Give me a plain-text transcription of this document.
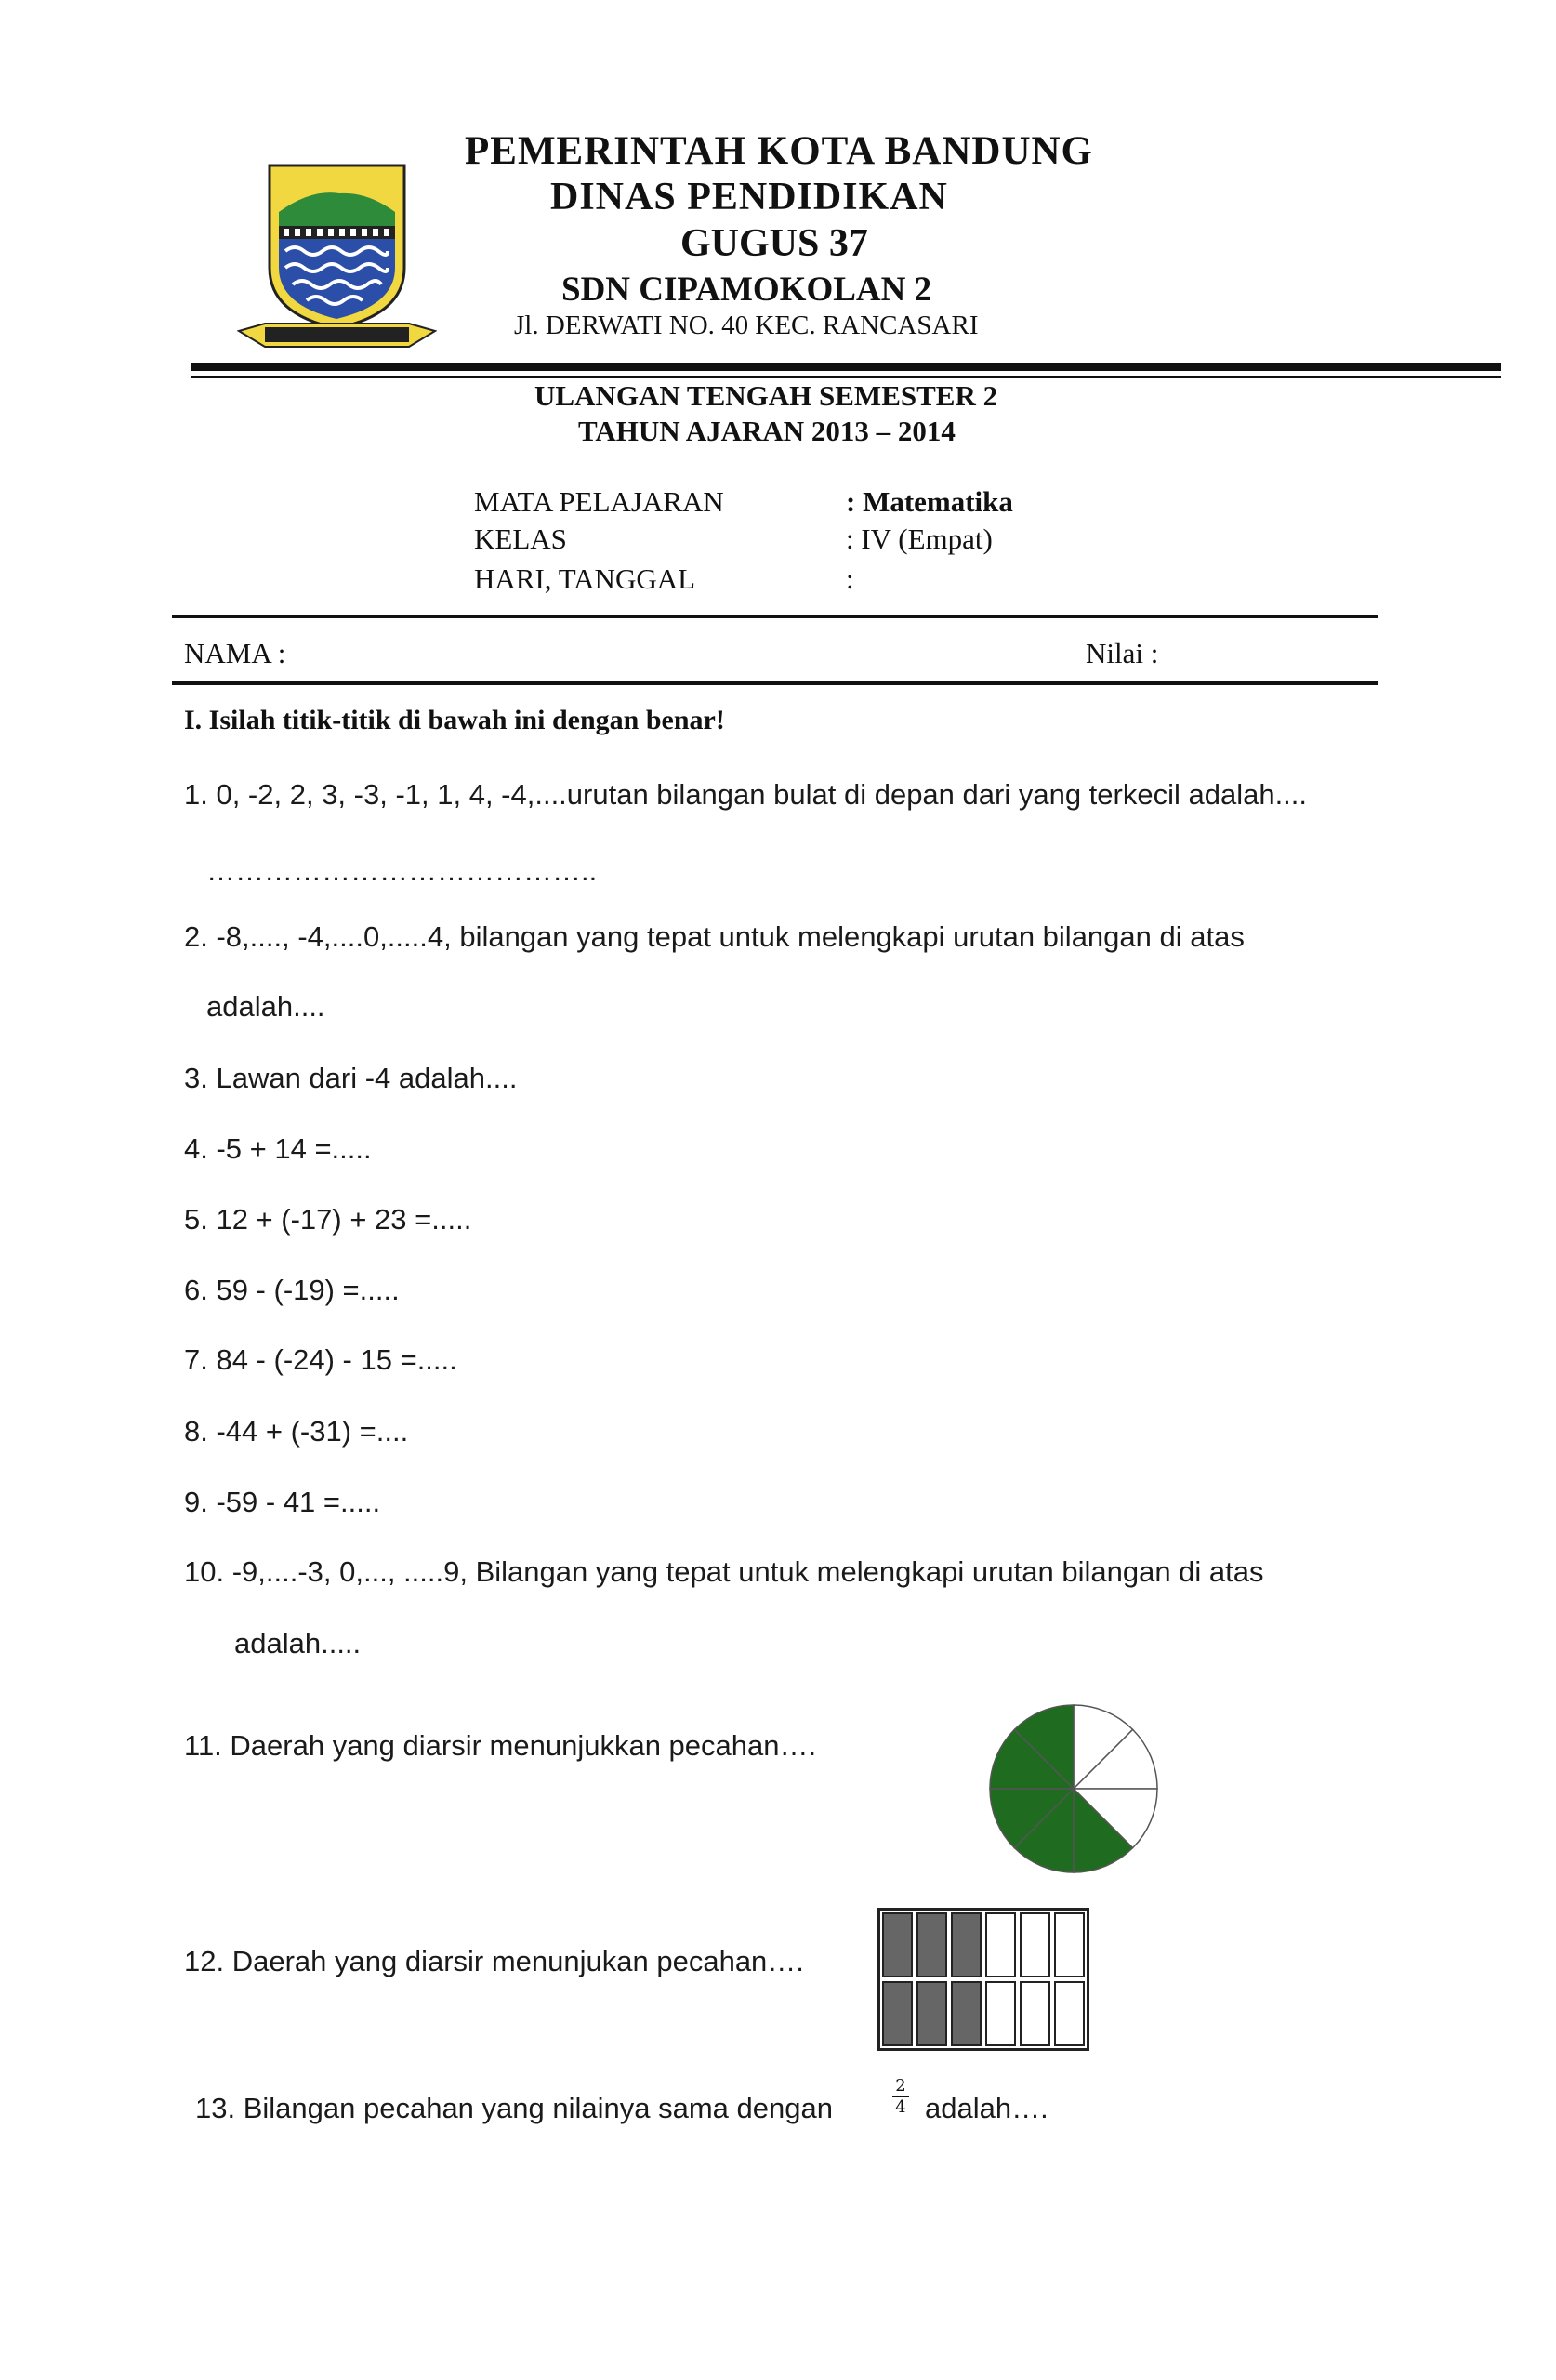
PEMERINTAH KOTA BANDUNG
DINAS PENDIDIKAN
GUGUS 37
SDN CIPAMOKOLAN 2
Jl. DERWATI NO. 40 KEC. RANCASARI
ULANGAN TENGAH SEMESTER 2
TAHUN AJARAN 2013 – 2014
MATA PELAJARAN	: Matematika
KELAS	: IV (Empat)
HARI, TANGGAL	:
NAMA :	Nilai :
I. Isilah titik-titik di bawah ini dengan benar!
1. 0, -2, 2, 3, -3, -1, 1, 4, -4,....urutan bilangan bulat di depan dari yang terkecil adalah....
…………………………………..
2. -8,...., -4,....0,.....4, bilangan yang tepat untuk melengkapi urutan bilangan di atas
adalah....
3. Lawan dari -4 adalah....
4. -5 + 14 =.....
5. 12 + (-17) + 23 =.....
6. 59 - (-19) =.....
7. 84 - (-24) - 15 =.....
8. -44 + (-31) =....
9. -59 - 41 =.....
10. -9,....-3, 0,..., .....9, Bilangan yang tepat untuk melengkapi urutan bilangan di atas
adalah.....
11. Daerah yang diarsir menunjukkan pecahan….
12. Daerah yang diarsir menunjukan pecahan….
13. Bilangan pecahan yang nilainya sama dengan
2
4 adalah….
